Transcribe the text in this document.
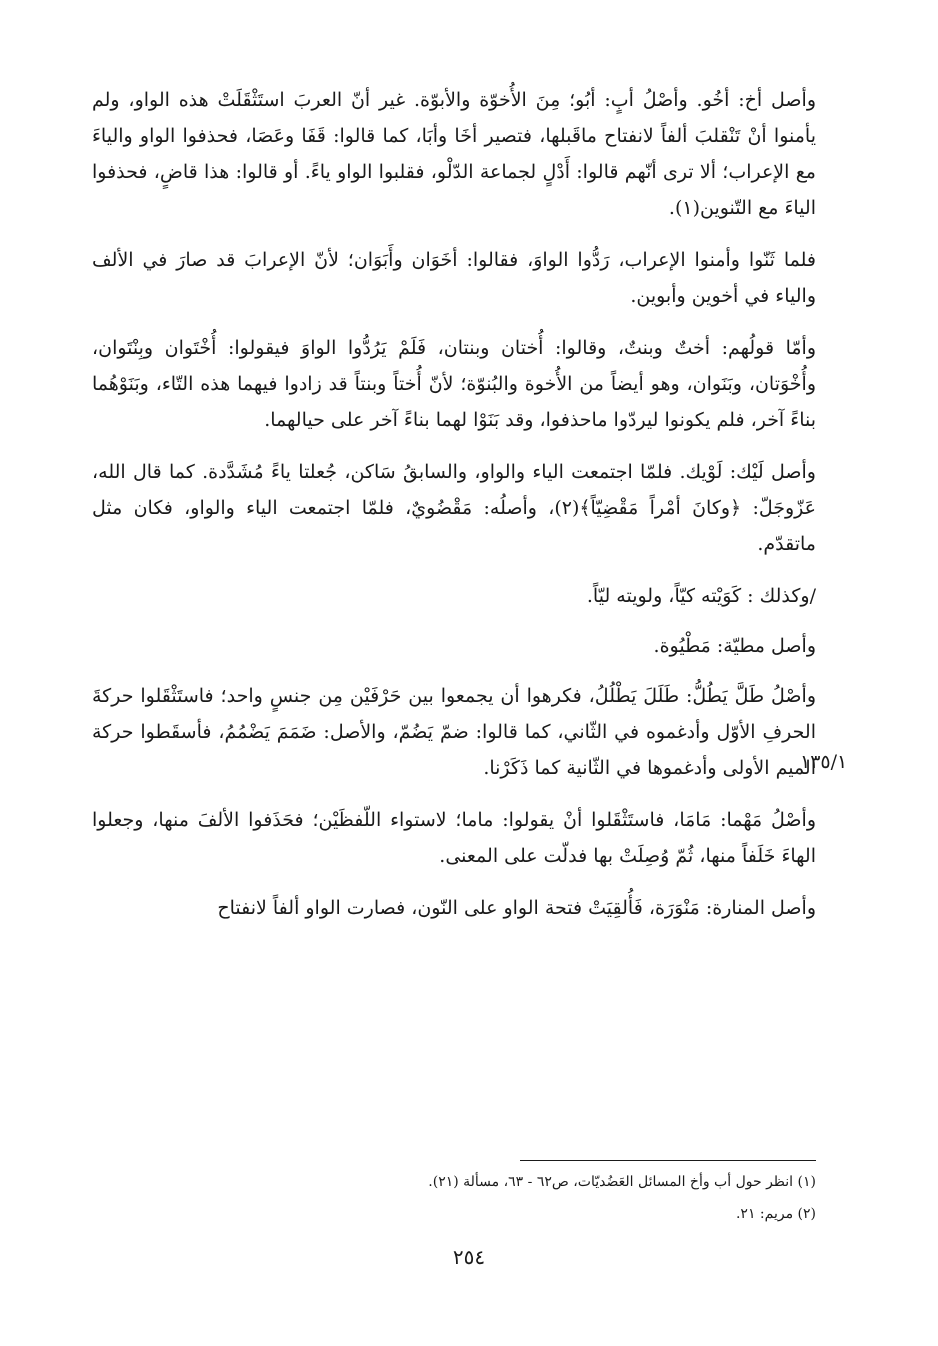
وأصل أخ: أخُو. وأصْلُ أبٍ: أبُو؛ مِنَ الأُخوّة والأبوّة. غير أنّ العربَ استَثْقَلَتْ هذه الواو، ولم يأمنوا أنْ تَنْقلبَ ألفاً لانفتاح ماقَبلها، فتصير أخَا وأبَا، كما قالوا: قَفَا وعَصَا، فحذفوا الواو والياءَ مع الإعراب؛ ألا ترى أنّهم قالوا: أَدْلٍ لجماعة الدّلْو، فقلبوا الواو ياءً. أو قالوا: هذا قاضٍ، فحذفوا الياءَ مع التّنوين(١).

فلما ثَنّوا وأمنوا الإعراب، رَدُّوا الواوَ، فقالوا: أخَوَان وأَبَوَان؛ لأنّ الإعرابَ قد صارَ في الألف والياء في أخوين وأبوين.

وأمّا قولُهم: أختٌ وبنتٌ، وقالوا: أُختان وبنتان، فَلَمْ يَرُدُّوا الواوَ فيقولوا: أُخْتَوان وبِنْتَوان، وأُخْوَتان، وبَنَوان، وهو أيضاً من الأُخوة والبُنوّة؛ لأنّ أُختاً وبنتاً قد زادوا فيهما هذه التّاء، وبَنَوْهُما بناءً آخر، فلم يكونوا ليردّوا ماحذفوا، وقد بَنَوْا لهما بناءً آخر على حيالهما.

وأصل لَيْك: لَوْيك. فلمّا اجتمعت الياء والواو، والسابقُ سَاكن، جُعلتا ياءً مُشَدَّدة. كما قال الله، عَزّوجَلّ: ﴿وكانَ أمْراً مَقْضِيّاً﴾(٢)، وأصلُه: مَقْضُويٌ، فلمّا اجتمعت الياء والواو، فكان مثل ماتقدّم.

/وكذلك : كَوَيْته كيّاً، ولويته ليّاً.

وأصل مطيّة: مَطْيُوة.

وأصْلُ طَلَّ يَطُلُّ: طَلَلَ يَطْلُلُ، فكرهوا أن يجمعوا بين حَرْفَيْن مِن جنسٍ واحد؛ فاستَثْقَلوا حركةَ الحرفِ الأوّل وأدغموه في الثّاني، كما قالوا: ضمّ يَضُمّ، والأصل: ضَمَمَ يَضْمُمُ، فأسقَطوا حركة الميم الأولى وأدغموها في الثّانية كما ذَكَرْنا.

وأصْلُ مَهْما: مَامَا، فاستَثْقَلوا أنْ يقولوا: ماما؛ لاستواء اللّفظَيْن؛ فحَذَفوا الألفَ منها، وجعلوا الهاءَ خَلَفاً منها، ثُمّ وُصِلَتْ بها فدلّت على المعنى.

وأصل المنارة: مَنْوَرَة، فَأُلقِيَتْ فتحة الواو على النّون، فصارت الواو ألفاً لانفتاح

١٣٥/١

(١) انظر حول أب وأخ المسائل العَضُديّات، ص٦٢ - ٦٣، مسألة (٢١).

(٢) مريم: ٢١.

٢٥٤
